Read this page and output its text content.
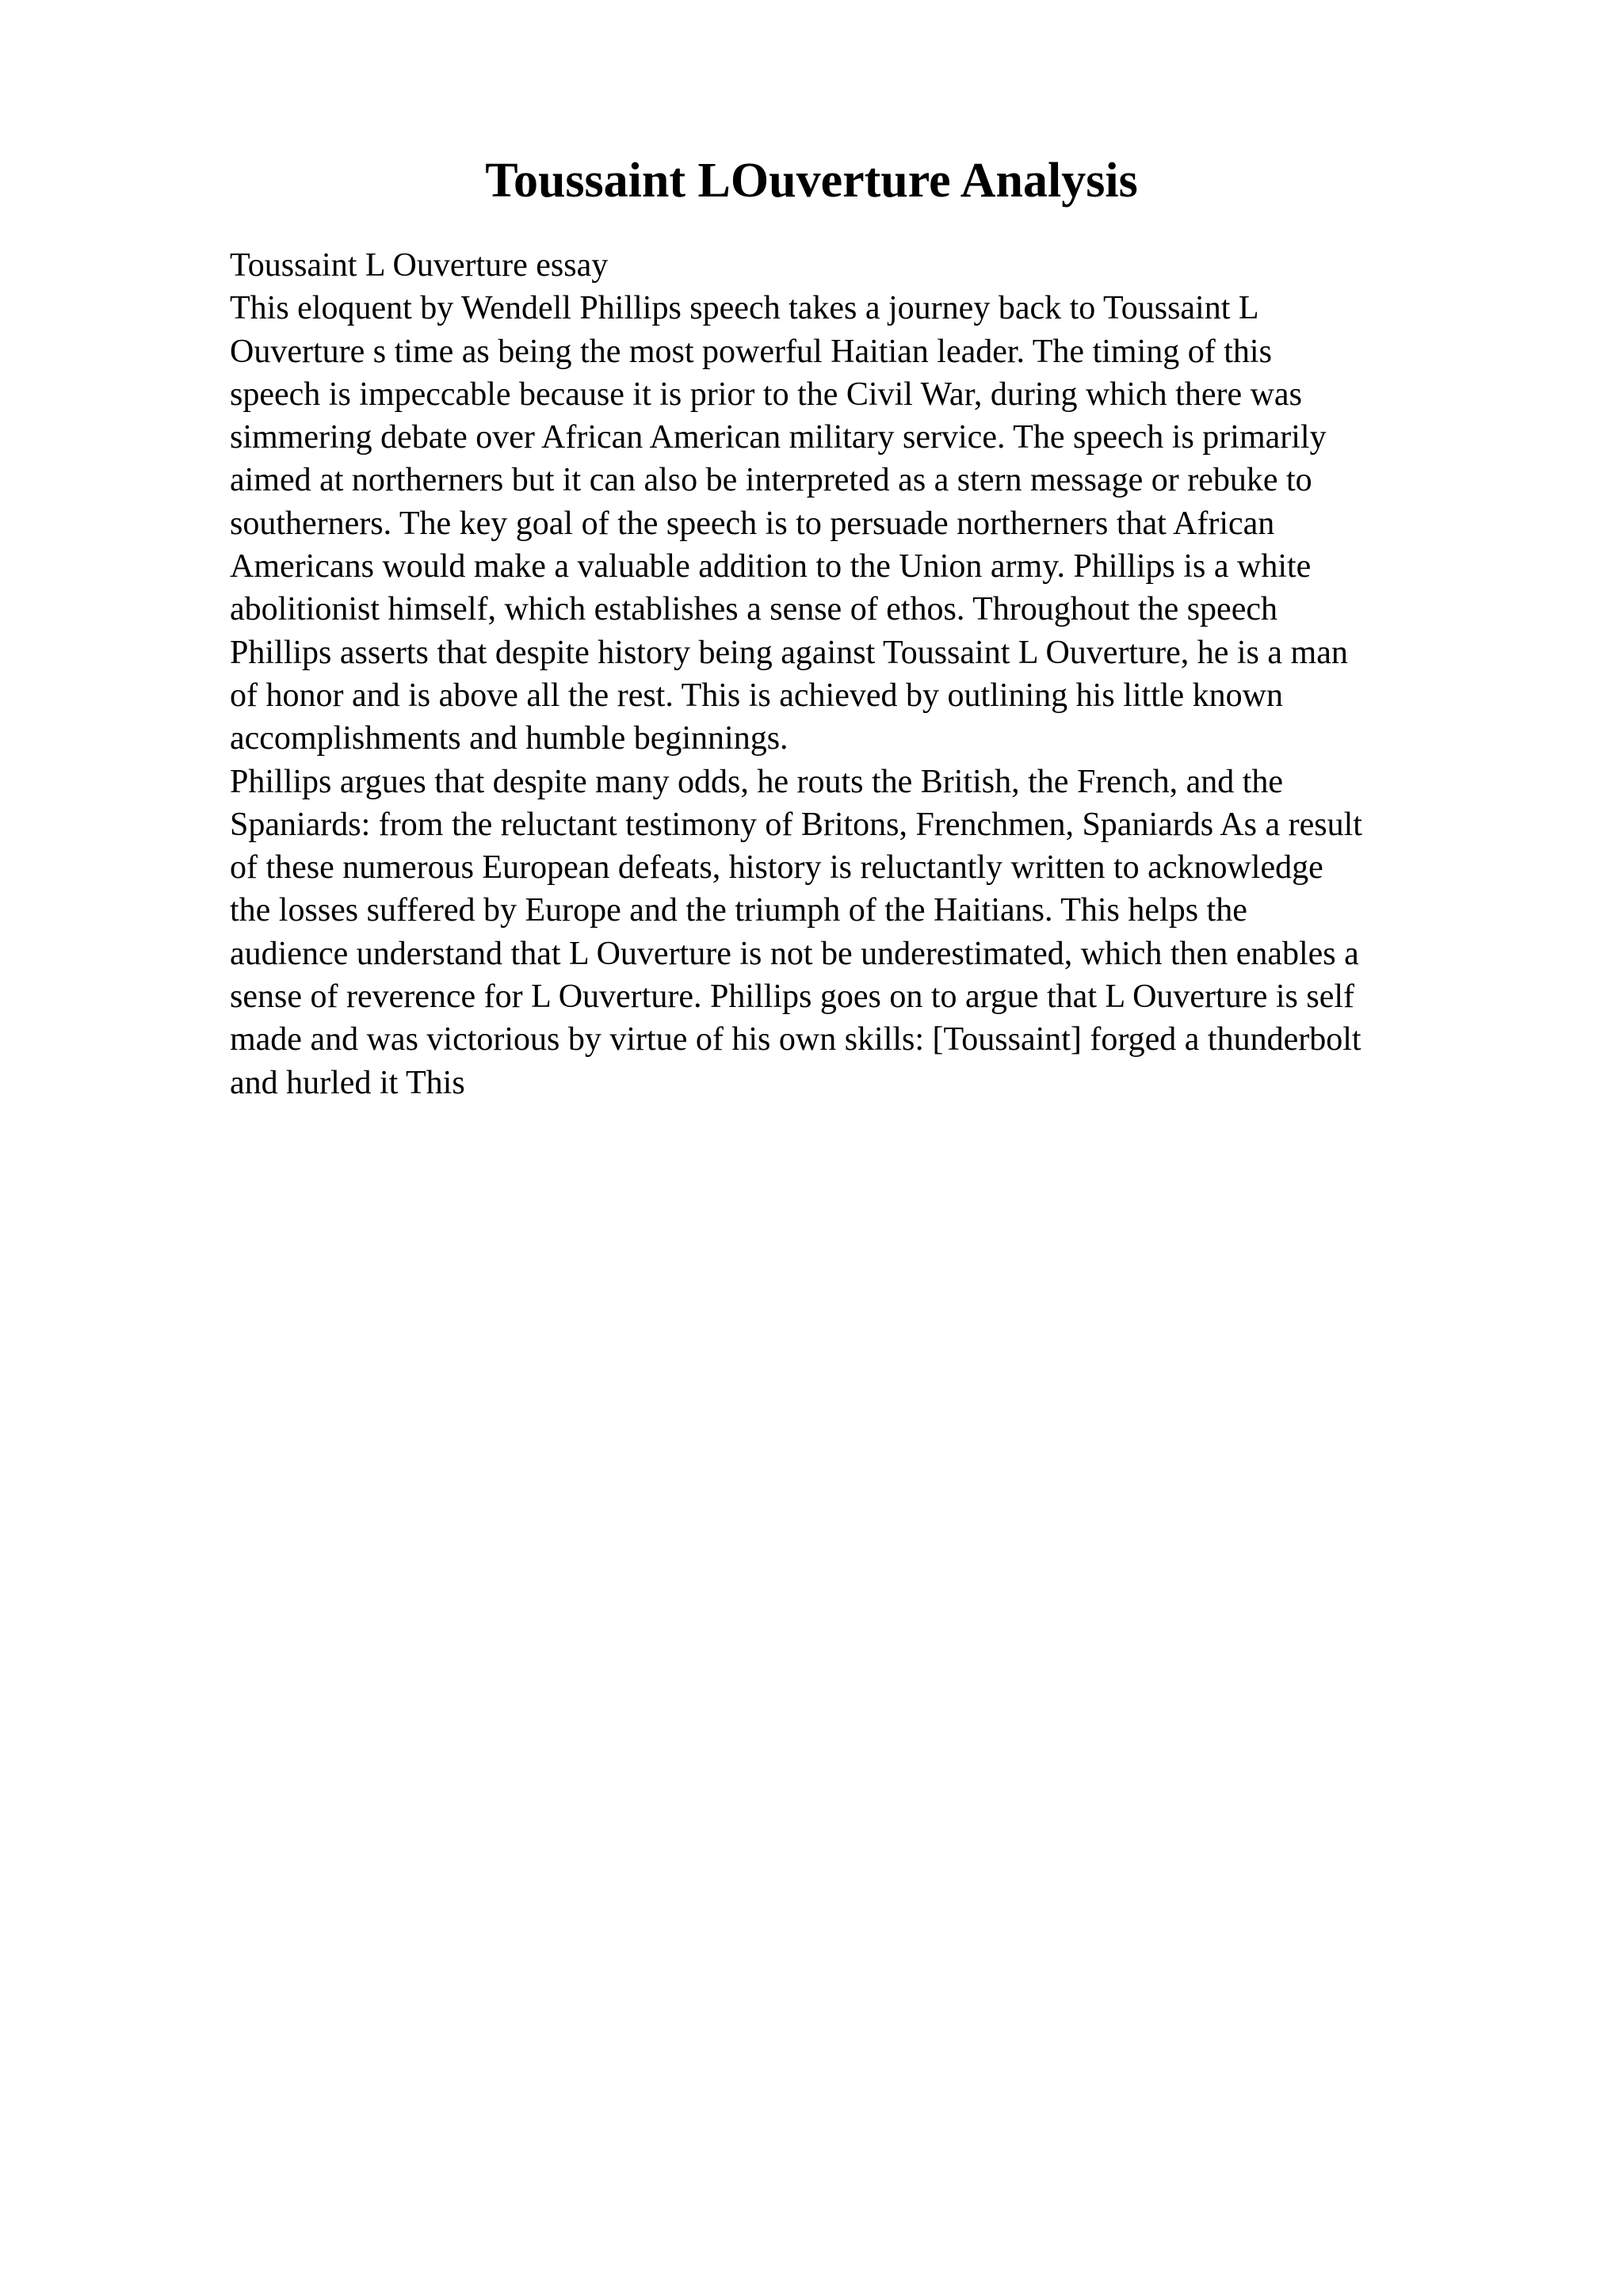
Toussaint LOuverture Analysis
Toussaint L Ouverture essay
This eloquent by Wendell Phillips speech takes a journey back to Toussaint L
Ouverture s time as being the most powerful Haitian leader. The timing of this
speech is impeccable because it is prior to the Civil War, during which there was
simmering debate over African American military service. The speech is primarily
aimed at northerners but it can also be interpreted as a stern message or rebuke to
southerners. The key goal of the speech is to persuade northerners that African
Americans would make a valuable addition to the Union army. Phillips is a white
abolitionist himself, which establishes a sense of ethos. Throughout the speech
Phillips asserts that despite history being against Toussaint L Ouverture, he is a man
of honor and is above all the rest. This is achieved by outlining his little known
accomplishments and humble beginnings.
Phillips argues that despite many odds, he routs the British, the French, and the
Spaniards: from the reluctant testimony of Britons, Frenchmen, Spaniards As a result
of these numerous European defeats, history is reluctantly written to acknowledge
the losses suffered by Europe and the triumph of the Haitians. This helps the
audience understand that L Ouverture is not be underestimated, which then enables a
sense of reverence for L Ouverture. Phillips goes on to argue that L Ouverture is self
made and was victorious by virtue of his own skills: [Toussaint] forged a thunderbolt
and hurled it This
